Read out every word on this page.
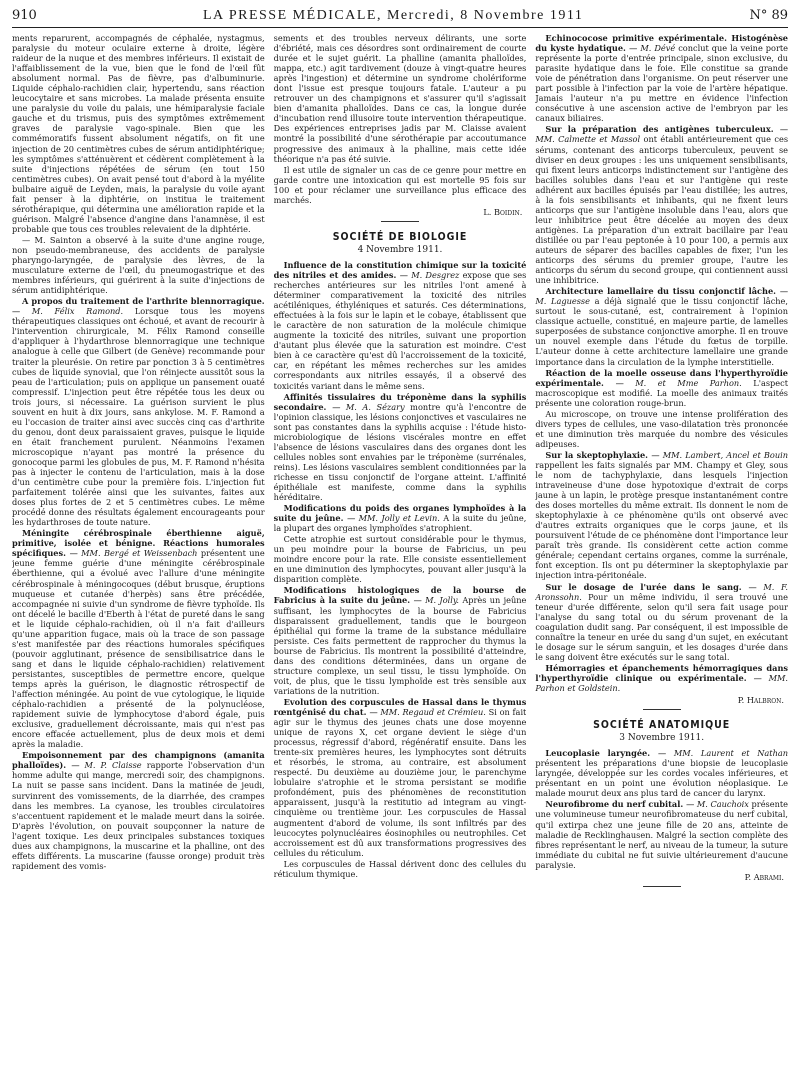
910	LA PRESSE MÉDICALE, Mercredi, 8 Novembre 1911	N° 89

ments reparurent, accompagnés de céphalée, nystagmus, paralysie du moteur oculaire externe à droite, légère raideur de la nuque et des membres inférieurs. Il existait de l'affaiblissement de la vue, bien que le fond de l'œil fût absolument normal. Pas de fièvre, pas d'albuminurie. Liquide céphalo-rachidien clair, hypertendu, sans réaction leucocytaire et sans microbes. La malade présenta ensuite une paralysie du voile du palais, une hémiparalysie faciale gauche et du trismus, puis des symptômes extrêmement graves de paralysie vago-spinale. Bien que les commémoratifs fussent absolument négatifs, on fit une injection de 20 centimètres cubes de sérum antidiphtérique; les symptômes s'atténuèrent et cédèrent complètement à la suite d'injections répétées de sérum (en tout 150 centimètres cubes). On avait pensé tout d'abord à la myélite bulbaire aiguë de Leyden, mais, la paralysie du voile ayant fait penser à la diphtérie, on institua le traitement sérothérapique, qui détermina une amélioration rapide et la guérison. Malgré l'absence d'angine dans l'anamnèse, il est probable que tous ces troubles relevaient de la diphtérie.

— M. Sainton a observé à la suite d'une angine rouge, non pseudo-membraneuse, des accidents de paralysie pharyngo-laryngée, de paralysie des lèvres, de la musculature externe de l'œil, du pneumogastrique et des membres inférieurs, qui guérirent à la suite d'injections de sérum antidiphtérique.

A propos du traitement de l'arthrite blennorragique. — M. Félix Ramond. Lorsque tous les moyens thérapeutiques classiques ont échoué, et avant de recourir à l'intervention chirurgicale, M. Félix Ramond conseille d'appliquer à l'hydarthrose blennorragique une technique analogue à celle que Gilbert (de Genève) recommande pour traiter la pleurésie. On retire par ponction 3 à 5 centimètres cubes de liquide synovial, que l'on réinjecte aussitôt sous la peau de l'articulation; puis on applique un pansement ouaté compressif. L'injection peut être répétée tous les deux ou trois jours, si nécessaire. La guérison survient le plus souvent en huit à dix jours, sans ankylose. M. F. Ramond a eu l'occasion de traiter ainsi avec succès cinq cas d'arthrite du genou, dont deux paraissaient graves, puisque le liquide en était franchement purulent. Néanmoins l'examen microscopique n'ayant pas montré la présence du gonocoque parmi les globules de pus, M. F. Ramond n'hésita pas à injecter le contenu de l'articulation, mais à la dose d'un centimètre cube pour la première fois. L'injection fut parfaitement tolérée ainsi que les suivantes, faites aux doses plus fortes de 2 et 5 centimètres cubes. Le même procédé donne des résultats également encourageants pour les hydarthroses de toute nature.

Méningite cérébrospinale éberthienne aiguë, primitive, isolée et bénigne. Réactions humorales spécifiques. — MM. Bergé et Weissenbach présentent une jeune femme guérie d'une méningite cérébrospinale éberthienne, qui a évolué avec l'allure d'une méningite cérébrospinale à méningocoques (début brusque, éruptions muqueuse et cutanée d'herpès) sans être précédée, accompagnée ni suivie d'un syndrome de fièvre typhoïde. Ils ont décelé le bacille d'Eberth à l'état de pureté dans le sang et le liquide céphalo-rachidien, où il n'a fait d'ailleurs qu'une apparition fugace, mais où la trace de son passage s'est manifestée par des réactions humorales spécifiques (pouvoir agglutinant, présence de sensibilisatrice dans le sang et dans le liquide céphalo-rachidien) relativement persistantes, susceptibles de permettre encore, quelque temps après la guérison, le diagnostic rétrospectif de l'affection méningée. Au point de vue cytologique, le liquide céphalo-rachidien a présenté de la polynucléose, rapidement suivie de lymphocytose d'abord égale, puis exclusive, graduellement décroissante, mais qui n'est pas encore effacée actuellement, plus de deux mois et demi après la maladie.

Empoisonnement par des champignons (amanita phalloïdes). — M. P. Claisse rapporte l'observation d'un homme adulte qui mange, mercredi soir, des champignons. La nuit se passe sans incident. Dans la matinée de jeudi, survinrent des vomissements, de la diarrhée, des crampes dans les membres. La cyanose, les troubles circulatoires s'accentuent rapidement et le malade meurt dans la soirée. D'après l'évolution, on pouvait soupçonner la nature de l'agent toxique. Les deux principales substances toxiques dues aux champignons, la muscarine et la phalline, ont des effets différents. La muscarine (fausse oronge) produit très rapidement des vomis-

sements et des troubles nerveux délirants, une sorte d'ébriété, mais ces désordres sont ordinairement de courte durée et le sujet guérit. La phalline (amanita phalloïdes, mappa, etc.) agit tardivement (douze à vingt-quatre heures après l'ingestion) et détermine un syndrome cholériforme dont l'issue est presque toujours fatale. L'auteur a pu retrouver un des champignons et s'assurer qu'il s'agissait bien d'amanita phalloïdes. Dans ce cas, la longue durée d'incubation rend illusoire toute intervention thérapeutique. Des expériences entreprises jadis par M. Claisse avaient montré la possibilité d'une sérothérapie par accoutumance progressive des animaux à la phalline, mais cette idée théorique n'a pas été suivie.

Il est utile de signaler un cas de ce genre pour mettre en garde contre une intoxication qui est mortelle 95 fois sur 100 et pour réclamer une surveillance plus efficace des marchés.

L. Boidin.
SOCIÉTÉ DE BIOLOGIE
4 Novembre 1911.

Influence de la constitution chimique sur la toxicité des nitriles et des amides. — M. Desgrez expose que ses recherches antérieures sur les nitriles l'ont amené à déterminer comparativement la toxicité des nitriles acétiléniques, éthyléniques et saturés. Ces déterminations, effectuées à la fois sur le lapin et le cobaye, établissent que le caractère de non saturation de la molécule chimique augmente la toxicité des nitriles, suivant une proportion d'autant plus élevée que la saturation est moindre. C'est bien à ce caractère qu'est dû l'accroissement de la toxicité, car, en répétant les mêmes recherches sur les amides correspondants aux nitriles essayés, il a observé des toxicités variant dans le même sens.

Affinités tissulaires du tréponème dans la syphilis secondaire. — M. A. Sézary montre qu'à l'encontre de l'opinion classique, les lésions conjonctives et vasculaires ne sont pas constantes dans la syphilis acquise : l'étude histo-microbiologique de lésions viscérales montre en effet l'absence de lésions vasculaires dans des organes dont les cellules nobles sont envahies par le tréponème (surrénales, reins). Les lésions vasculaires semblent conditionnées par la richesse en tissu conjonctif de l'organe atteint. L'affinité épithéliale est manifeste, comme dans la syphilis héréditaire.

Modifications du poids des organes lymphoïdes à la suite du jeûne. — MM. Jolly et Levin. A la suite du jeûne, la plupart des organes lymphoïdes s'atrophient.

Cette atrophie est surtout considérable pour le thymus, un peu moindre pour la bourse de Fabricius, un peu moindre encore pour la rate. Elle consiste essentiellement en une diminution des lymphocytes, pouvant aller jusqu'à la disparition complète.

Modifications histologiques de la bourse de Fabricius à la suite du jeûne. — M. Jolly. Après un jeûne suffisant, les lymphocytes de la bourse de Fabricius disparaissent graduellement, tandis que le bourgeon épithélial qui forme la trame de la substance médullaire persiste. Ces faits permettent de rapprocher du thymus la bourse de Fabricius. Ils montrent la possibilité d'atteindre, dans des conditions déterminées, dans un organe de structure complexe, un seul tissu, le tissu lymphoïde. On voit, de plus, que le tissu lymphoïde est très sensible aux variations de la nutrition.

Evolution des corpuscules de Hassal dans le thymus rœntgénisé du chat. — MM. Regaud et Crémieu. Si on fait agir sur le thymus des jeunes chats une dose moyenne unique de rayons X, cet organe devient le siège d'un processus, régressif d'abord, régénératif ensuite. Dans les trente-six premières heures, les lymphocytes sont détruits et résorbés, le stroma, au contraire, est absolument respecté. Du deuxième au douzième jour, le parenchyme lobulaire s'atrophie et le stroma persistant se modifie profondément, puis des phénomènes de reconstitution apparaissent, jusqu'à la restitutio ad integram au vingt-cinquième ou trentième jour. Les corpuscules de Hassal augmentent d'abord de volume, ils sont infiltrés par des leucocytes polynucléaires éosinophiles ou neutrophiles. Cet accroissement est dû aux transformations progressives des cellules du réticulum.

Les corpuscules de Hassal dérivent donc des cellules du réticulum thymique.

Echinococose primitive expérimentale. Histogénèse du kyste hydatique. — M. Dévé conclut que la veine porte représente la porte d'entrée principale, sinon exclusive, du parasite hydatique dans le foie. Elle constitue sa grande voie de pénétration dans l'organisme. On peut réserver une part possible à l'infection par la voie de l'artère hépatique. Jamais l'auteur n'a pu mettre en évidence l'infection consécutive à une ascension active de l'embryon par les canaux biliaires.

Sur la préparation des antigènes tuberculeux. — MM. Calmette et Massol ont établi antérieurement que ces sérums, contenant des anticorps tuberculeux, peuvent se diviser en deux groupes : les uns uniquement sensibilisants, qui fixent leurs anticorps indistinctement sur l'antigène des bacilles solubles dans l'eau et sur l'antigène qui reste adhérent aux bacilles épuisés par l'eau distillée; les autres, à la fois sensibilisants et inhibants, qui ne fixent leurs anticorps que sur l'antigène insoluble dans l'eau, alors que leur inhibitrice peut être décelée au moyen des deux antigènes. La préparation d'un extrait bacillaire par l'eau distillée ou par l'eau peptonée à 10 pour 100, a permis aux auteurs de séparer des bacilles capables de fixer, l'un les anticorps des sérums du premier groupe, l'autre les anticorps du sérum du second groupe, qui contiennent aussi une inhibitrice.

Architecture lamellaire du tissu conjonctif lâche. — M. Laguesse a déjà signalé que le tissu conjonctif lâche, surtout le sous-cutané, est, contrairement à l'opinion classique actuelle, constitué, en majeure partie, de lamelles superposées de substance conjonctive amorphe. Il en trouve un nouvel exemple dans l'étude du fœtus de torpille. L'auteur donne à cette architecture lamellaire une grande importance dans la circulation de la lymphe interstitielle.

Réaction de la moelle osseuse dans l'hyperthyroïdie expérimentale. — M. et Mme Parhon. L'aspect macroscopique est modifié. La moelle des animaux traités présente une coloration rouge-brun.

Au microscope, on trouve une intense prolifération des divers types de cellules, une vaso-dilatation très prononcée et une diminution très marquée du nombre des vésicules adipeuses.

Sur la skeptophylaxie. — MM. Lambert, Ancel et Bouin rappellent les faits signalés par MM. Champy et Gley, sous le nom de tachyphylaxie, dans lesquels l'injection intraveineuse d'une dose hypotoxique d'extrait de corps jaune à un lapin, le protège presque instantanément contre des doses mortelles du même extrait. Ils donnent le nom de skeptophylaxie à ce phénomène qu'ils ont observé avec d'autres extraits organiques que le corps jaune, et ils poursuivent l'étude de ce phénomène dont l'importance leur paraît très grande. Ils considèrent cette action comme générale; cependant certains organes, comme la surrénale, font exception. Ils ont pu déterminer la skeptophylaxie par injection intra-péritonéale.

Sur le dosage de l'urée dans le sang. — M. F. Aronssohn. Pour un même individu, il sera trouvé une teneur d'urée différente, selon qu'il sera fait usage pour l'analyse du sang total ou du sérum provenant de la coagulation dudit sang. Par conséquent, il est impossible de connaître la teneur en urée du sang d'un sujet, en exécutant le dosage sur le sérum sanguin, et les dosages d'urée dans le sang doivent être exécutés sur le sang total.

Hémorragies et épanchements hémorragiques dans l'hyperthyroïdie clinique ou expérimentale. — MM. Parhon et Goldstein.

P. Halbron.
SOCIÉTÉ ANATOMIQUE
3 Novembre 1911.

Leucoplasie laryngée. — MM. Laurent et Nathan présentent les préparations d'une biopsie de leucoplasie laryngée, développée sur les cordes vocales inférieures, et présentant en un point une évolution néoplasique. Le malade mourut deux ans plus tard de cancer du larynx.

Neurofibrome du nerf cubital. — M. Cauchoix présente une volumineuse tumeur neurofibromateuse du nerf cubital, qu'il extirpa chez une jeune fille de 20 ans, atteinte de maladie de Recklinghausen. Malgré la section complète des fibres représentant le nerf, au niveau de la tumeur, la suture immédiate du cubital ne fut suivie ultérieurement d'aucune paralysie.

P. Abrami.
